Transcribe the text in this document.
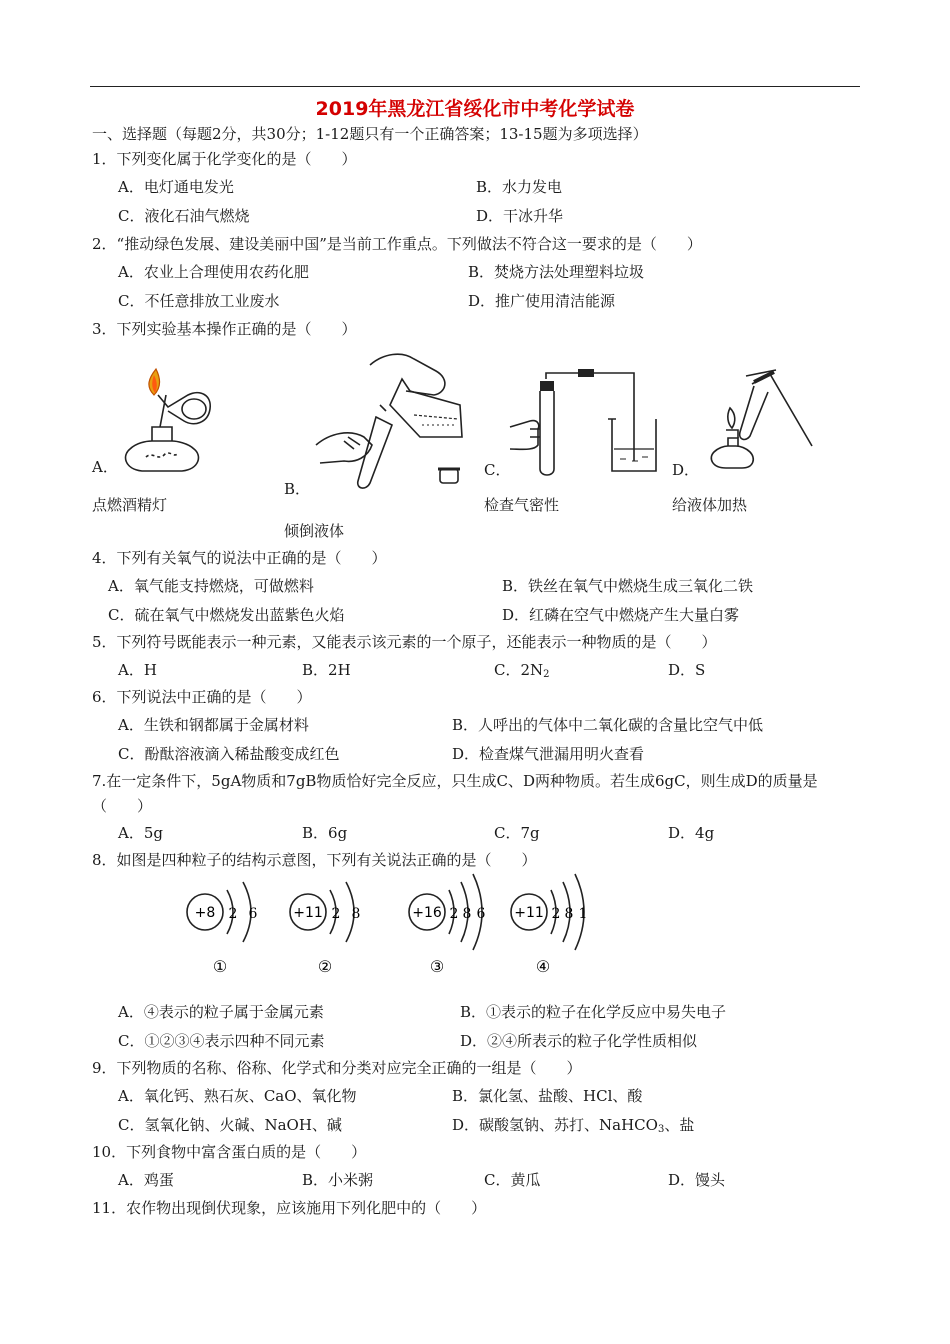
2019年黑龙江省绥化市中考化学试卷
一、选择题（每题2分，共30分；1-12题只有一个正确答案；13-15题为多项选择）
1．下列变化属于化学变化的是（　　）
A．电灯通电发光	B．水力发电
C．液化石油气燃烧	D．干冰升华
2．“推动绿色发展、建设美丽中国”是当前工作重点。下列做法不符合这一要求的是（　　）
A．农业上合理使用农药化肥	B．焚烧方法处理塑料垃圾
C．不任意排放工业废水	D．推广使用清洁能源
3．下列实验基本操作正确的是（　　）
A．
点燃酒精灯
B．
倾倒液体
C．
检查气密性
D．
给液体加热
4．下列有关氧气的说法中正确的是（　　）
A．氧气能支持燃烧，可做燃料	B．铁丝在氧气中燃烧生成三氧化二铁
C．硫在氧气中燃烧发出蓝紫色火焰	D．红磷在空气中燃烧产生大量白雾
5．下列符号既能表示一种元素，又能表示该元素的一个原子，还能表示一种物质的是（　　）
A．H	B．2H	C．$2N_2$	D．S
6．下列说法中正确的是（　　）
A．生铁和钢都属于金属材料	B．人呼出的气体中二氧化碳的含量比空气中低
C．酚酞溶液滴入稀盐酸变成红色	D．检查煤气泄漏用明火查看
7.在一定条件下，5gA物质和7gB物质恰好完全反应，只生成C、D两种物质。若生成6gC，则生成D的质量是
（　　）
A．5g	B．6g	C．7g	D．4g
8．如图是四种粒子的结构示意图，下列有关说法正确的是（　　）
+8 2 6
①
+11 2 8
②
+16 2 8 6
③
+11 2 8 1
④
A．④表示的粒子属于金属元素	B．①表示的粒子在化学反应中易失电子
C．①②③④表示四种不同元素	D．②④所表示的粒子化学性质相似
9．下列物质的名称、俗称、化学式和分类对应完全正确的一组是（　　）
A．氧化钙、熟石灰、CaO、氧化物	B．氯化氢、盐酸、HCl、酸
C．氢氧化钠、火碱、NaOH、碱	D．碳酸氢钠、苏打、NaHCO$_3$、盐
10．下列食物中富含蛋白质的是（　　）
A．鸡蛋	B．小米粥	C．黄瓜	D．馒头
11．农作物出现倒伏现象，应该施用下列化肥中的（　　）
